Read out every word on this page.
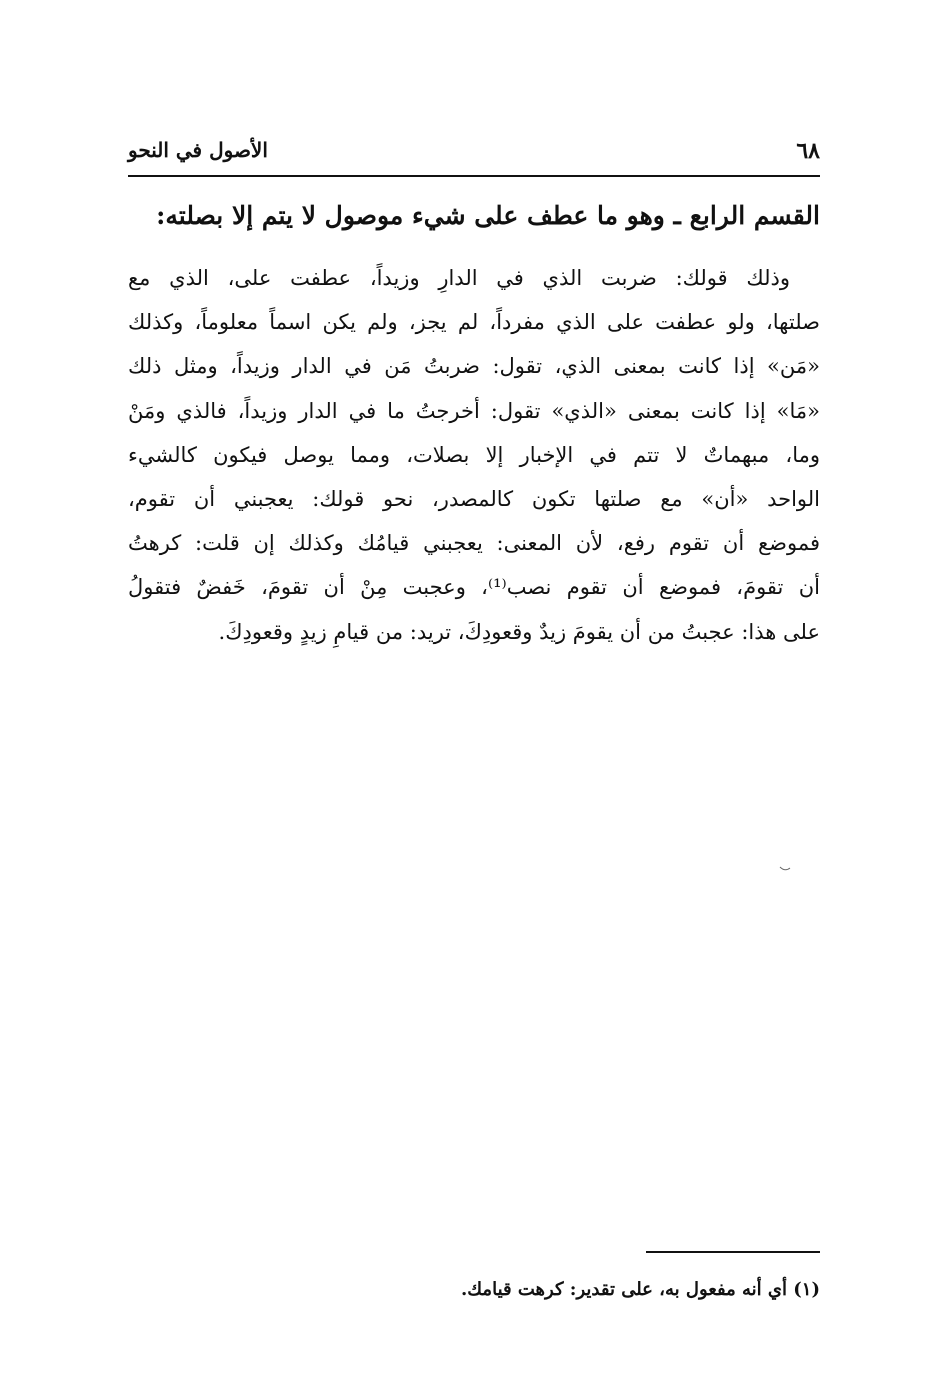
٦٨
الأصول في النحو
القسم الرابع ـ وهو ما عطف على شيء موصول لا يتم إلا بصلته:
وذلك قولك: ضربت الذي في الدارِ وزيداً، عطفت على، الذي مع
صلتها، ولو عطفت على الذي مفرداً، لم يجز، ولم يكن اسماً معلوماً، وكذلك
«مَن» إذا كانت بمعنى الذي، تقول: ضربتُ مَن في الدار وزيداً، ومثل ذلك
«مَا» إذا كانت بمعنى «الذي» تقول: أخرجتُ ما في الدار وزيداً، فالذي ومَنْ
وما، مبهماتٌ لا تتم في الإخبار إلا بصلات، ومما يوصل فيكون كالشيء
الواحد «أن» مع صلتها تكون كالمصدر، نحو قولك: يعجبني أن تقوم،
فموضع أن تقوم رفع، لأن المعنى: يعجبني قيامُك وكذلك إن قلت: كرهتُ
أن تقومَ، فموضع أن تقوم نصب⁽¹⁾، وعجبت مِنْ أن تقومَ، خَفضٌ فتقولُ
على هذا: عجبتُ من أن يقومَ زيدٌ وقعودِكَ، تريد: من قيامِ زيدٍ وقعودِكَ.
(١) أي أنه مفعول به، على تقدير: كرهت قيامك.
